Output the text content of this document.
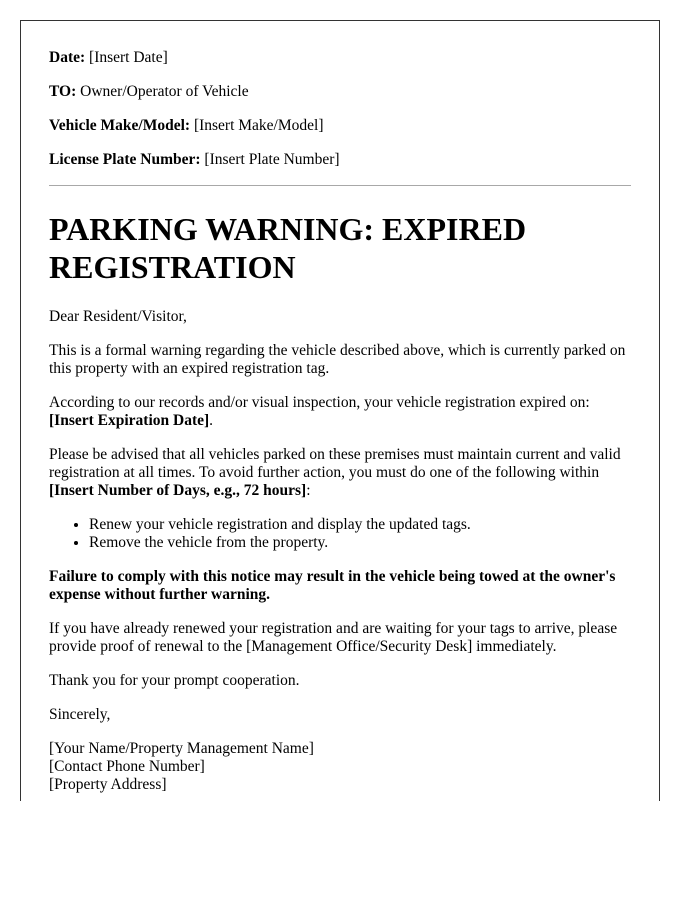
Date: [Insert Date]

TO: Owner/Operator of Vehicle

Vehicle Make/Model: [Insert Make/Model]

License Plate Number: [Insert Plate Number]

PARKING WARNING: EXPIRED REGISTRATION

Dear Resident/Visitor,

This is a formal warning regarding the vehicle described above, which is currently parked on this property with an expired registration tag.

According to our records and/or visual inspection, your vehicle registration expired on: [Insert Expiration Date].

Please be advised that all vehicles parked on these premises must maintain current and valid registration at all times. To avoid further action, you must do one of the following within [Insert Number of Days, e.g., 72 hours]:

• Renew your vehicle registration and display the updated tags.
• Remove the vehicle from the property.

Failure to comply with this notice may result in the vehicle being towed at the owner's expense without further warning.

If you have already renewed your registration and are waiting for your tags to arrive, please provide proof of renewal to the [Management Office/Security Desk] immediately.

Thank you for your prompt cooperation.

Sincerely,

[Your Name/Property Management Name]

[Contact Phone Number]

[Property Address]
